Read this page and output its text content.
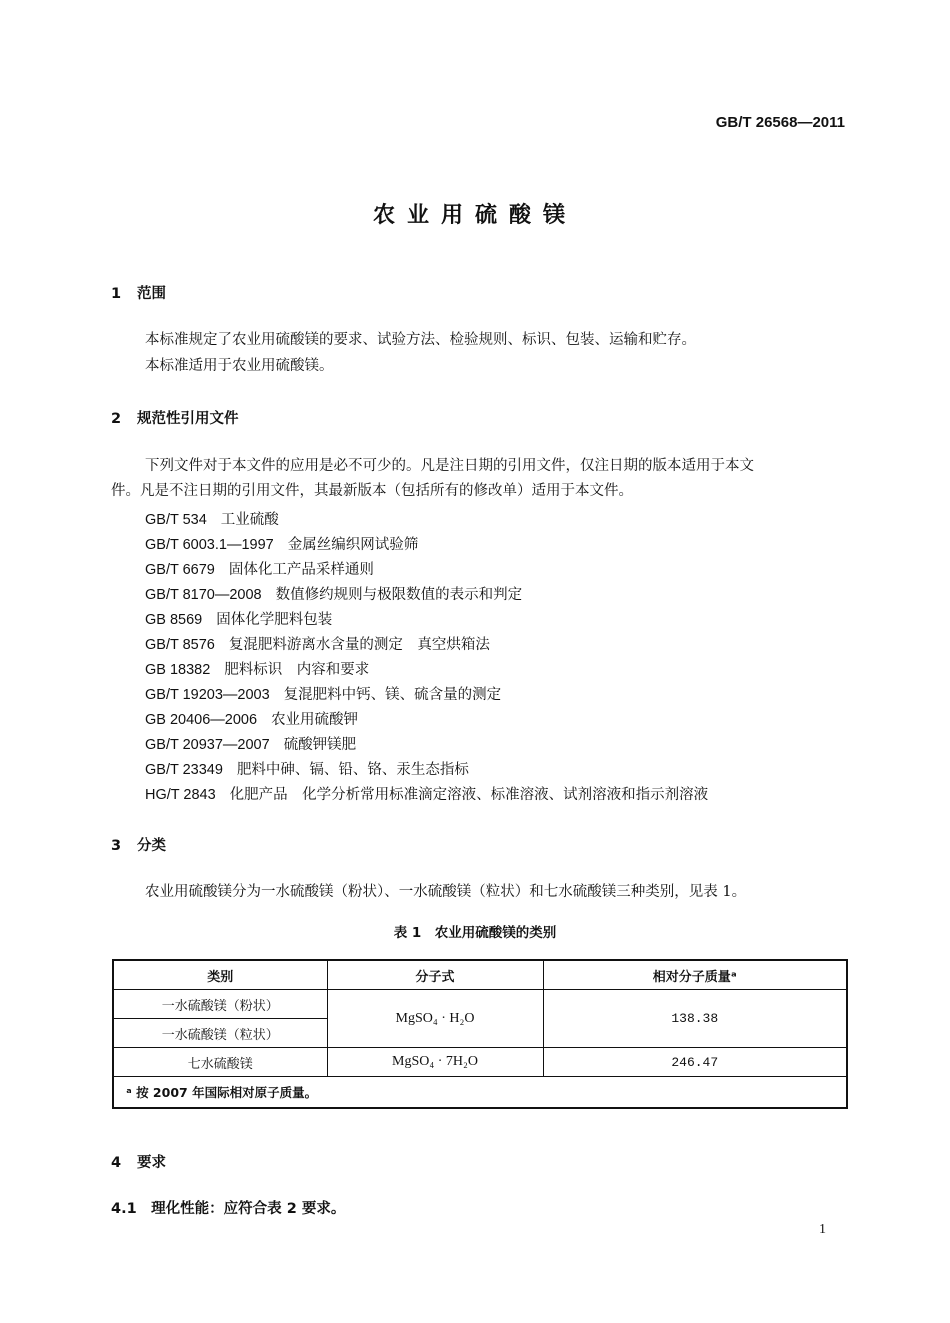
GB/T 26568—2011
农业用硫酸镁
1 范围
本标准规定了农业用硫酸镁的要求、试验方法、检验规则、标识、包装、运输和贮存。
本标准适用于农业用硫酸镁。
2 规范性引用文件
下列文件对于本文件的应用是必不可少的。凡是注日期的引用文件，仅注日期的版本适用于本文
件。凡是不注日期的引用文件，其最新版本（包括所有的修改单）适用于本文件。
GB/T 534 工业硫酸
GB/T 6003.1—1997 金属丝编织网试验筛
GB/T 6679 固体化工产品采样通则
GB/T 8170—2008 数值修约规则与极限数值的表示和判定
GB 8569 固体化学肥料包装
GB/T 8576 复混肥料游离水含量的测定　真空烘箱法
GB 18382 肥料标识　内容和要求
GB/T 19203—2003 复混肥料中钙、镁、硫含量的测定
GB 20406—2006 农业用硫酸钾
GB/T 20937—2007 硫酸钾镁肥
GB/T 23349 肥料中砷、镉、铅、铬、汞生态指标
HG/T 2843 化肥产品　化学分析常用标准滴定溶液、标准溶液、试剂溶液和指示剂溶液
3 分类
农业用硫酸镁分为一水硫酸镁（粉状）、一水硫酸镁（粒状）和七水硫酸镁三种类别，见表 1。
表 1　农业用硫酸镁的类别
类别	分子式	相对分子质量ᵃ
一水硫酸镁（粉状）	MgSO₄ · H₂O	138.38
一水硫酸镁（粒状）		
七水硫酸镁	MgSO₄ · 7H₂O	246.47
ᵃ 按 2007 年国际相对原子质量。		
4 要求
4.1　理化性能：应符合表 2 要求。
1
